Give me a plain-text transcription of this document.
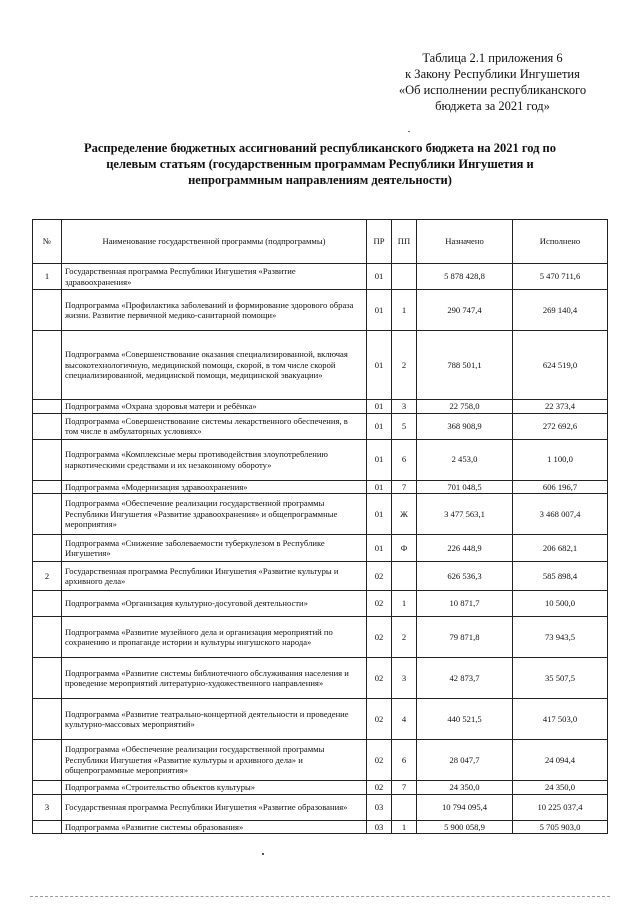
Таблица 2.1 приложения 6
к Закону Республики Ингушетия
«Об исполнении республиканского
бюджета за 2021 год»
Распределение бюджетных ассигнований республиканского бюджета на 2021 год по целевым статьям (государственным программам Республики Ингушетия и непрограммным направлениям деятельности)
№	Наименование государственной программы (подпрограммы)	ПР	ПП	Назначено	Исполнено
1	Государственная программа Республики Ингушетия «Развитие здравоохранения»	01		5 878 428,8	5 470 711,6
	Подпрограмма «Профилактика заболеваний и формирование здорового образа жизни. Развитие первичной медико-санитарной помощи»	01	1	290 747,4	269 140,4
	Подпрограмма «Совершенствование оказания специализированной, включая высокотехнологичную, медицинской помощи, скорой, в том числе скорой специализированной, медицинской помощи, медицинской эвакуации»	01	2	788 501,1	624 519,0
	Подпрограмма «Охрана здоровья матери и ребёнка»	01	3	22 758,0	22 373,4
	Подпрограмма «Совершенствование системы лекарственного обеспечения, в том числе в амбулаторных условиях»	01	5	368 908,9	272 692,6
	Подпрограмма «Комплексные меры противодействия злоупотреблению наркотическими средствами и их незаконному обороту»	01	6	2 453,0	1 100,0
	Подпрограмма «Модернизация здравоохранения»	01	7	701 048,5	606 196,7
	Подпрограмма «Обеспечение реализации государственной программы Республики Ингушетия «Развитие здравоохранения» и общепрограммные мероприятия»	01	Ж	3 477 563,1	3 468 007,4
	Подпрограмма «Снижение заболеваемости туберкулезом в Республике Ингушетия»	01	Ф	226 448,9	206 682,1
2	Государственная программа Республики Ингушетия «Развитие культуры и архивного дела»	02		626 536,3	585 898,4
	Подпрограмма «Организация культурно-досуговой деятельности»	02	1	10 871,7	10 500,0
	Подпрограмма «Развитие музейного дела и организация мероприятий по сохранению и пропаганде истории и культуры ингушского народа»	02	2	79 871,8	73 943,5
	Подпрограмма «Развитие системы библиотечного обслуживания населения и проведение мероприятий литературно-художественного направления»	02	3	42 873,7	35 507,5
	Подпрограмма «Развитие театрально-концертной деятельности и проведение культурно-массовых мероприятий»	02	4	440 521,5	417 503,0
	Подпрограмма «Обеспечение реализации государственной программы Республики Ингушетия «Развитие культуры и архивного дела» и общепрограммные мероприятия»	02	6	28 047,7	24 094,4
	Подпрограмма «Строительство объектов культуры»	02	7	24 350,0	24 350,0
3	Государственная программа Республики Ингушетия «Развитие образования»	03		10 794 095,4	10 225 037,4
	Подпрограмма «Развитие системы образования»	03	1	5 900 058,9	5 705 903,0
